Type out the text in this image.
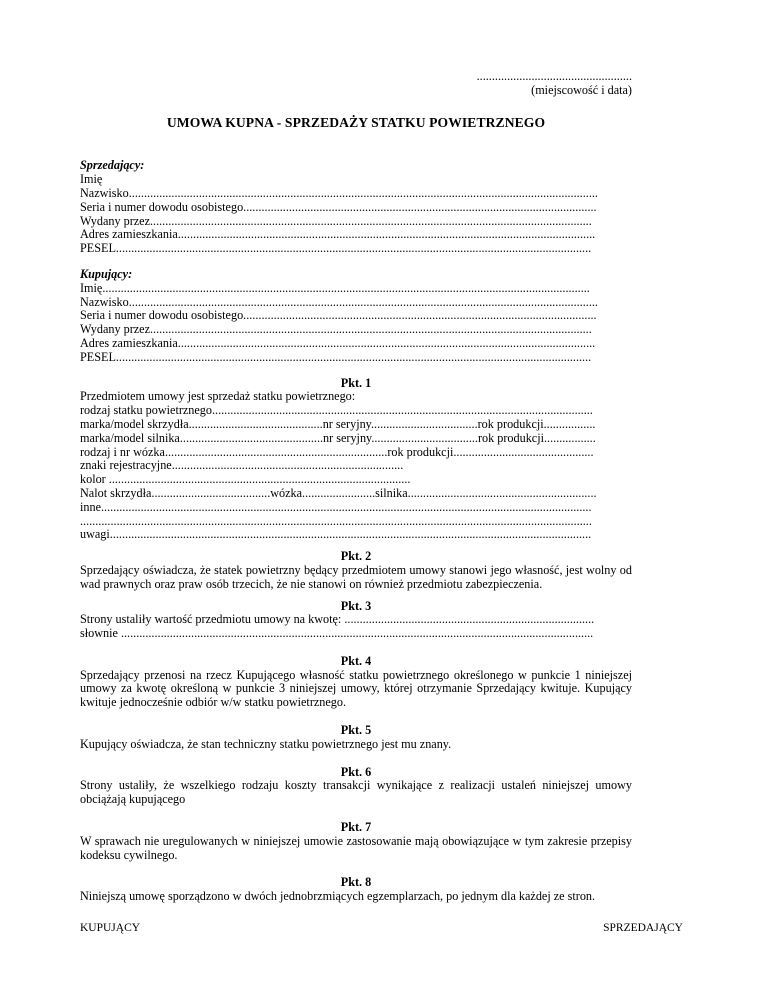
...................................................
(miejscowość i data)
UMOWA KUPNA - SPRZEDAŻY STATKU POWIETRZNEGO
Sprzedający:
Imię
Nazwisko..........................................................................................................................................................
Seria i numer dowodu osobistego....................................................................................................................
Wydany przez.................................................................................................................................................
Adres zamieszkania.........................................................................................................................................
PESEL............................................................................................................................................................
Kupujący:
Imię................................................................................................................................................................
Nazwisko..........................................................................................................................................................
Seria i numer dowodu osobistego....................................................................................................................
Wydany przez.................................................................................................................................................
Adres zamieszkania.........................................................................................................................................
PESEL............................................................................................................................................................
Pkt. 1
Przedmiotem umowy jest sprzedaż statku powietrznego:
rodzaj statku powietrznego.............................................................................................................................
marka/model skrzydła............................................nr seryjny...................................rok produkcji.................
marka/model silnika...............................................nr seryjny...................................rok produkcji.................
rodzaj i nr wózka.........................................................................rok produkcji..............................................
znaki rejestracyjne............................................................................
kolor ...................................................................................................
Nalot skrzydła.......................................wózka........................silnika..............................................................
inne.................................................................................................................................................................
........................................................................................................................................................................
uwagi..............................................................................................................................................................
Pkt. 2
Sprzedający oświadcza, że statek powietrzny będący przedmiotem umowy stanowi jego własność, jest wolny od wad prawnych oraz praw osób trzecich, że nie stanowi on również przedmiotu zabezpieczenia.
Pkt. 3
Strony ustaliły wartość przedmiotu umowy na kwotę: ..................................................................................
słownie ...........................................................................................................................................................
Pkt. 4
Sprzedający przenosi na rzecz Kupującego własność statku powietrznego określonego w punkcie 1 niniejszej umowy za kwotę określoną w punkcie 3 niniejszej umowy, której otrzymanie Sprzedający kwituje. Kupujący kwituje jednocześnie odbiór w/w statku powietrznego.
Pkt. 5
Kupujący oświadcza, że stan techniczny statku powietrznego jest mu znany.
Pkt. 6
Strony ustaliły, że wszelkiego rodzaju koszty transakcji wynikające z realizacji ustaleń niniejszej umowy obciążają kupującego
Pkt. 7
W sprawach nie uregulowanych w niniejszej umowie zastosowanie mają obowiązujące w tym zakresie przepisy kodeksu cywilnego.
Pkt. 8
Niniejszą umowę sporządzono w dwóch jednobrzmiących egzemplarzach, po jednym dla każdej ze stron.
KUPUJĄCY	SPRZEDAJĄCY
